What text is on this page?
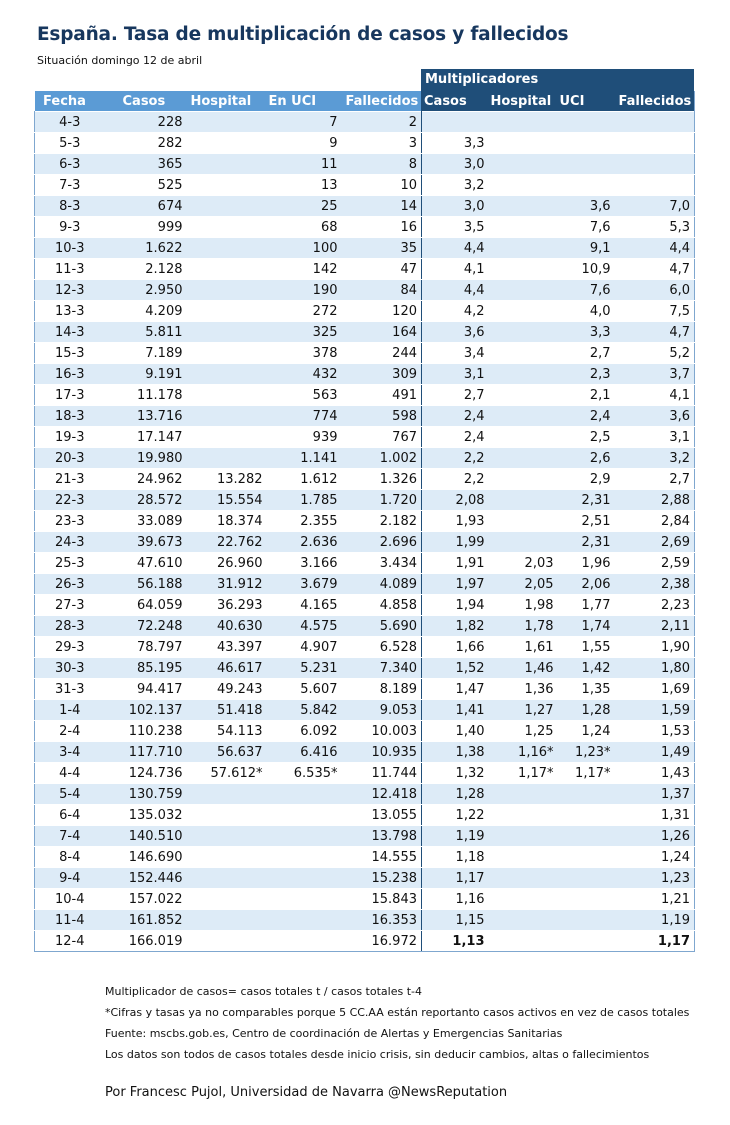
España. Tasa de multiplicación de casos y fallecidos
Situación domingo 12 de abril
Multiplicadores
Fecha	Casos	Hospital	En UCI	Fallecidos	Casos	Hospital	UCI	Fallecidos
4-3	228		7	2				
5-3	282		9	3	3,3			
6-3	365		11	8	3,0			
7-3	525		13	10	3,2			
8-3	674		25	14	3,0		3,6	7,0
9-3	999		68	16	3,5		7,6	5,3
10-3	1.622		100	35	4,4		9,1	4,4
11-3	2.128		142	47	4,1		10,9	4,7
12-3	2.950		190	84	4,4		7,6	6,0
13-3	4.209		272	120	4,2		4,0	7,5
14-3	5.811		325	164	3,6		3,3	4,7
15-3	7.189		378	244	3,4		2,7	5,2
16-3	9.191		432	309	3,1		2,3	3,7
17-3	11.178		563	491	2,7		2,1	4,1
18-3	13.716		774	598	2,4		2,4	3,6
19-3	17.147		939	767	2,4		2,5	3,1
20-3	19.980		1.141	1.002	2,2		2,6	3,2
21-3	24.962	13.282	1.612	1.326	2,2		2,9	2,7
22-3	28.572	15.554	1.785	1.720	2,08		2,31	2,88
23-3	33.089	18.374	2.355	2.182	1,93		2,51	2,84
24-3	39.673	22.762	2.636	2.696	1,99		2,31	2,69
25-3	47.610	26.960	3.166	3.434	1,91	2,03	1,96	2,59
26-3	56.188	31.912	3.679	4.089	1,97	2,05	2,06	2,38
27-3	64.059	36.293	4.165	4.858	1,94	1,98	1,77	2,23
28-3	72.248	40.630	4.575	5.690	1,82	1,78	1,74	2,11
29-3	78.797	43.397	4.907	6.528	1,66	1,61	1,55	1,90
30-3	85.195	46.617	5.231	7.340	1,52	1,46	1,42	1,80
31-3	94.417	49.243	5.607	8.189	1,47	1,36	1,35	1,69
1-4	102.137	51.418	5.842	9.053	1,41	1,27	1,28	1,59
2-4	110.238	54.113	6.092	10.003	1,40	1,25	1,24	1,53
3-4	117.710	56.637	6.416	10.935	1,38	1,16*	1,23*	1,49
4-4	124.736	57.612*	6.535*	11.744	1,32	1,17*	1,17*	1,43
5-4	130.759			12.418	1,28			1,37
6-4	135.032			13.055	1,22			1,31
7-4	140.510			13.798	1,19			1,26
8-4	146.690			14.555	1,18			1,24
9-4	152.446			15.238	1,17			1,23
10-4	157.022			15.843	1,16			1,21
11-4	161.852			16.353	1,15			1,19
12-4	166.019			16.972	1,13			1,17
Multiplicador de casos= casos totales t / casos totales t-4
*Cifras y tasas ya no comparables porque 5 CC.AA están reportanto casos activos en vez de casos totales
Fuente: mscbs.gob.es, Centro de coordinación de Alertas y Emergencias Sanitarias
Los datos son todos de casos totales desde inicio crisis, sin deducir cambios, altas o fallecimientos
Por Francesc Pujol, Universidad de Navarra @NewsReputation
